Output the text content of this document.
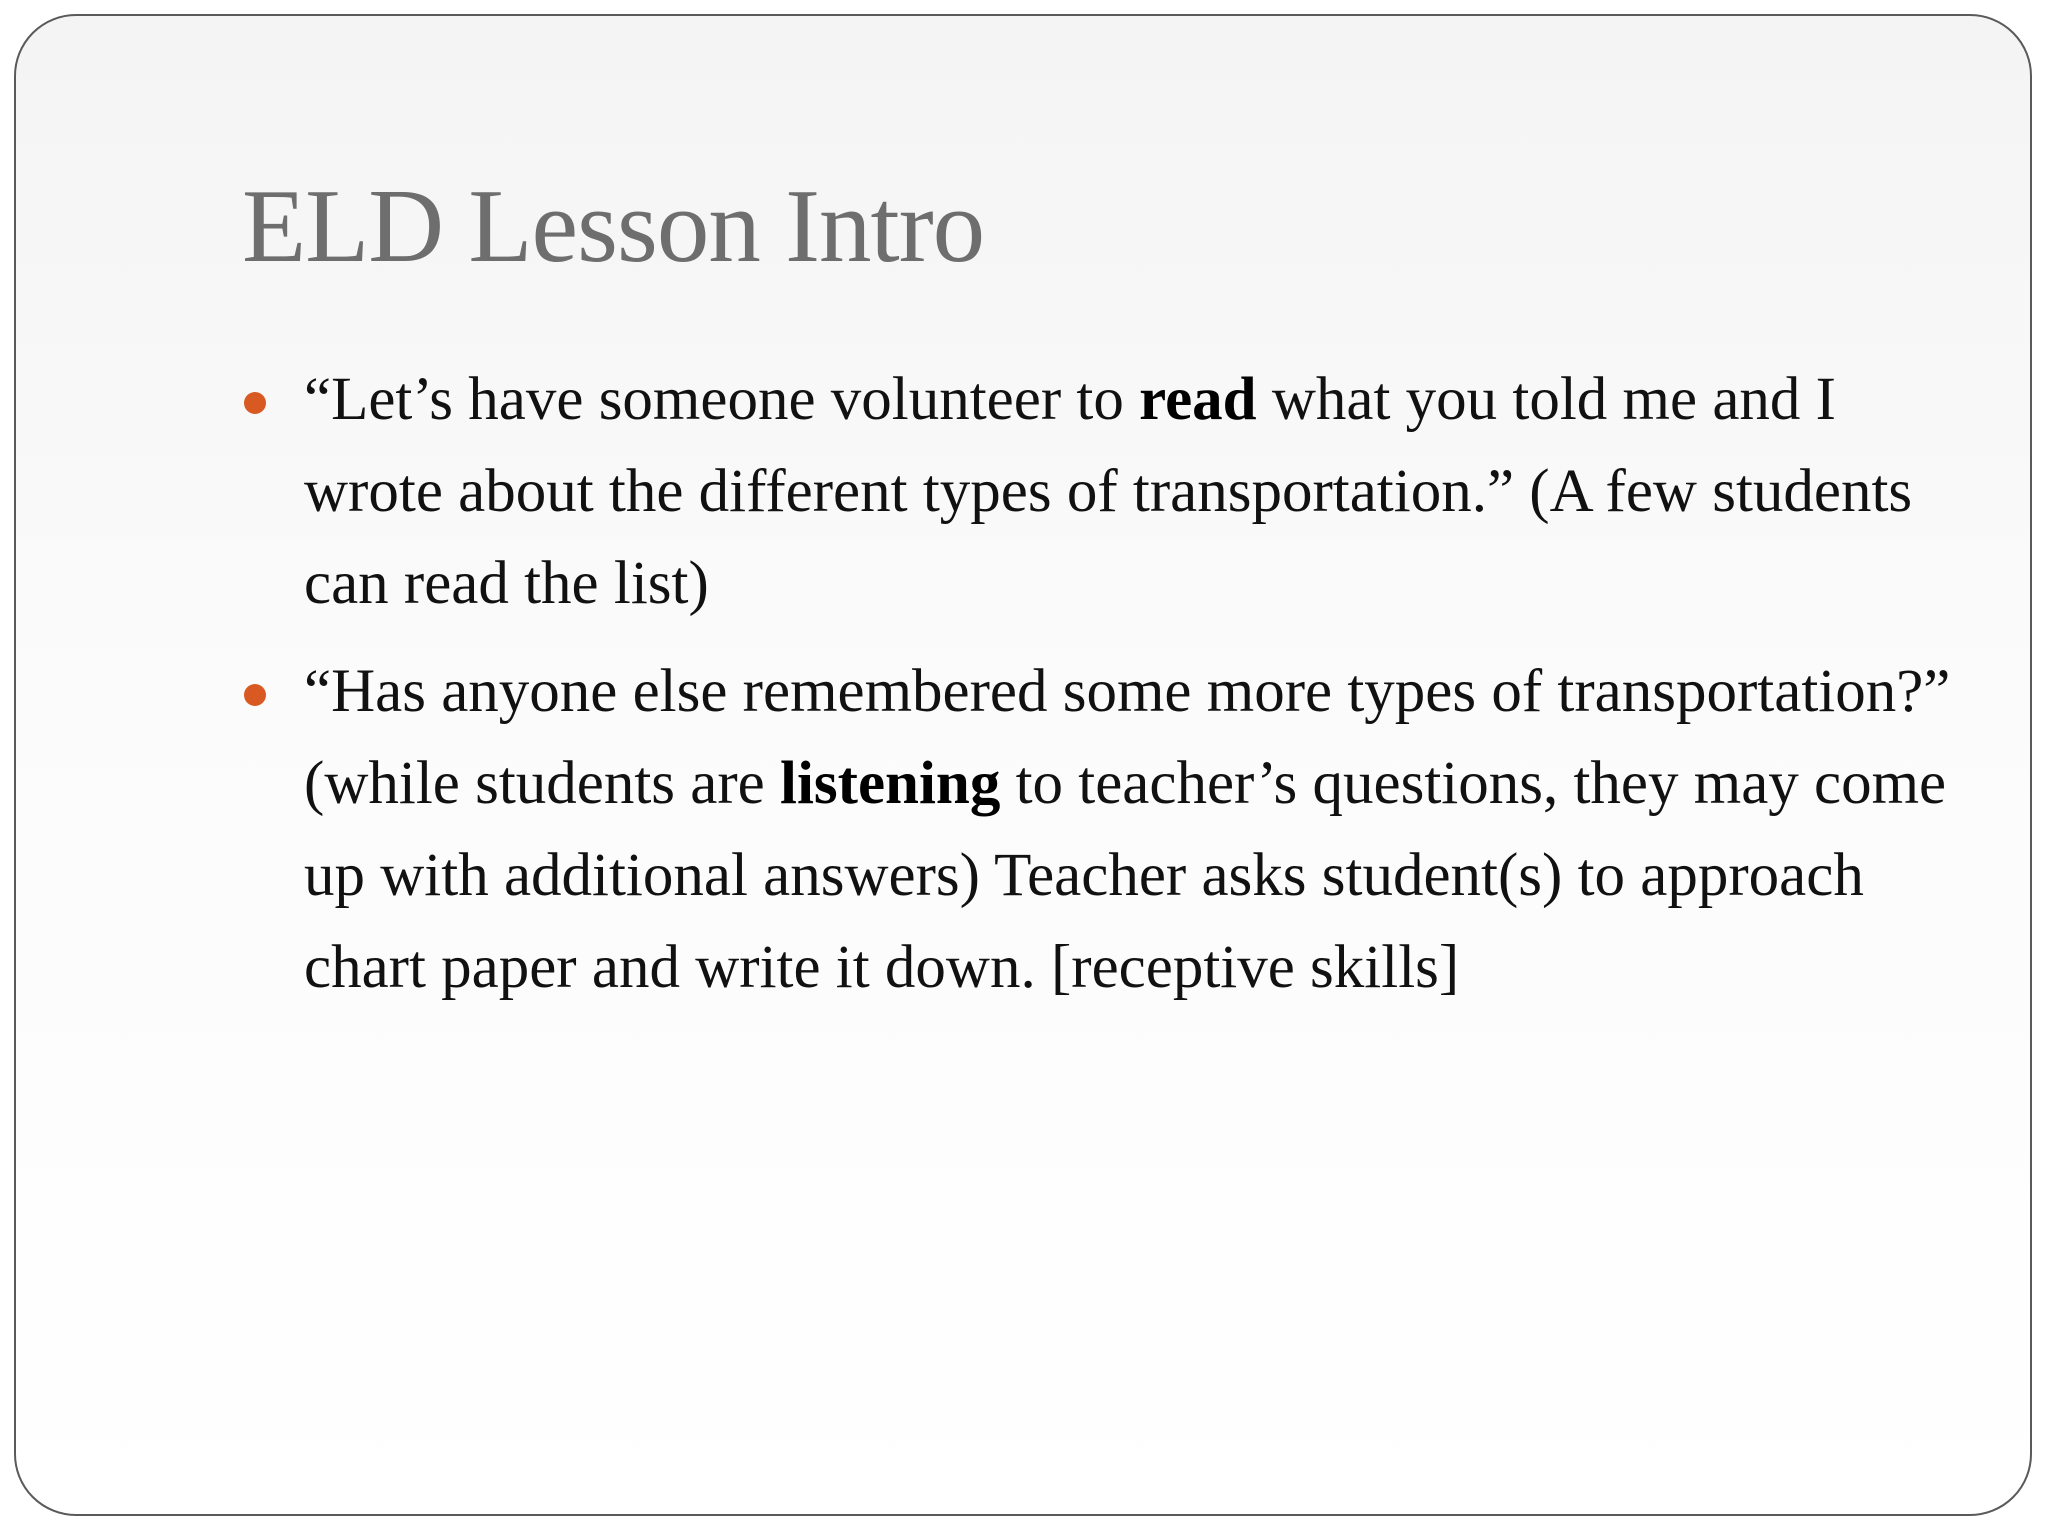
ELD Lesson Intro
“Let’s have someone volunteer to read what you told me and I wrote about the different types of transportation.” (A few students can read the list)
“Has anyone else remembered some more types of transportation?” (while students are listening to teacher’s questions, they may come up with additional answers) Teacher asks student(s) to approach chart paper and write it down. [receptive skills]
